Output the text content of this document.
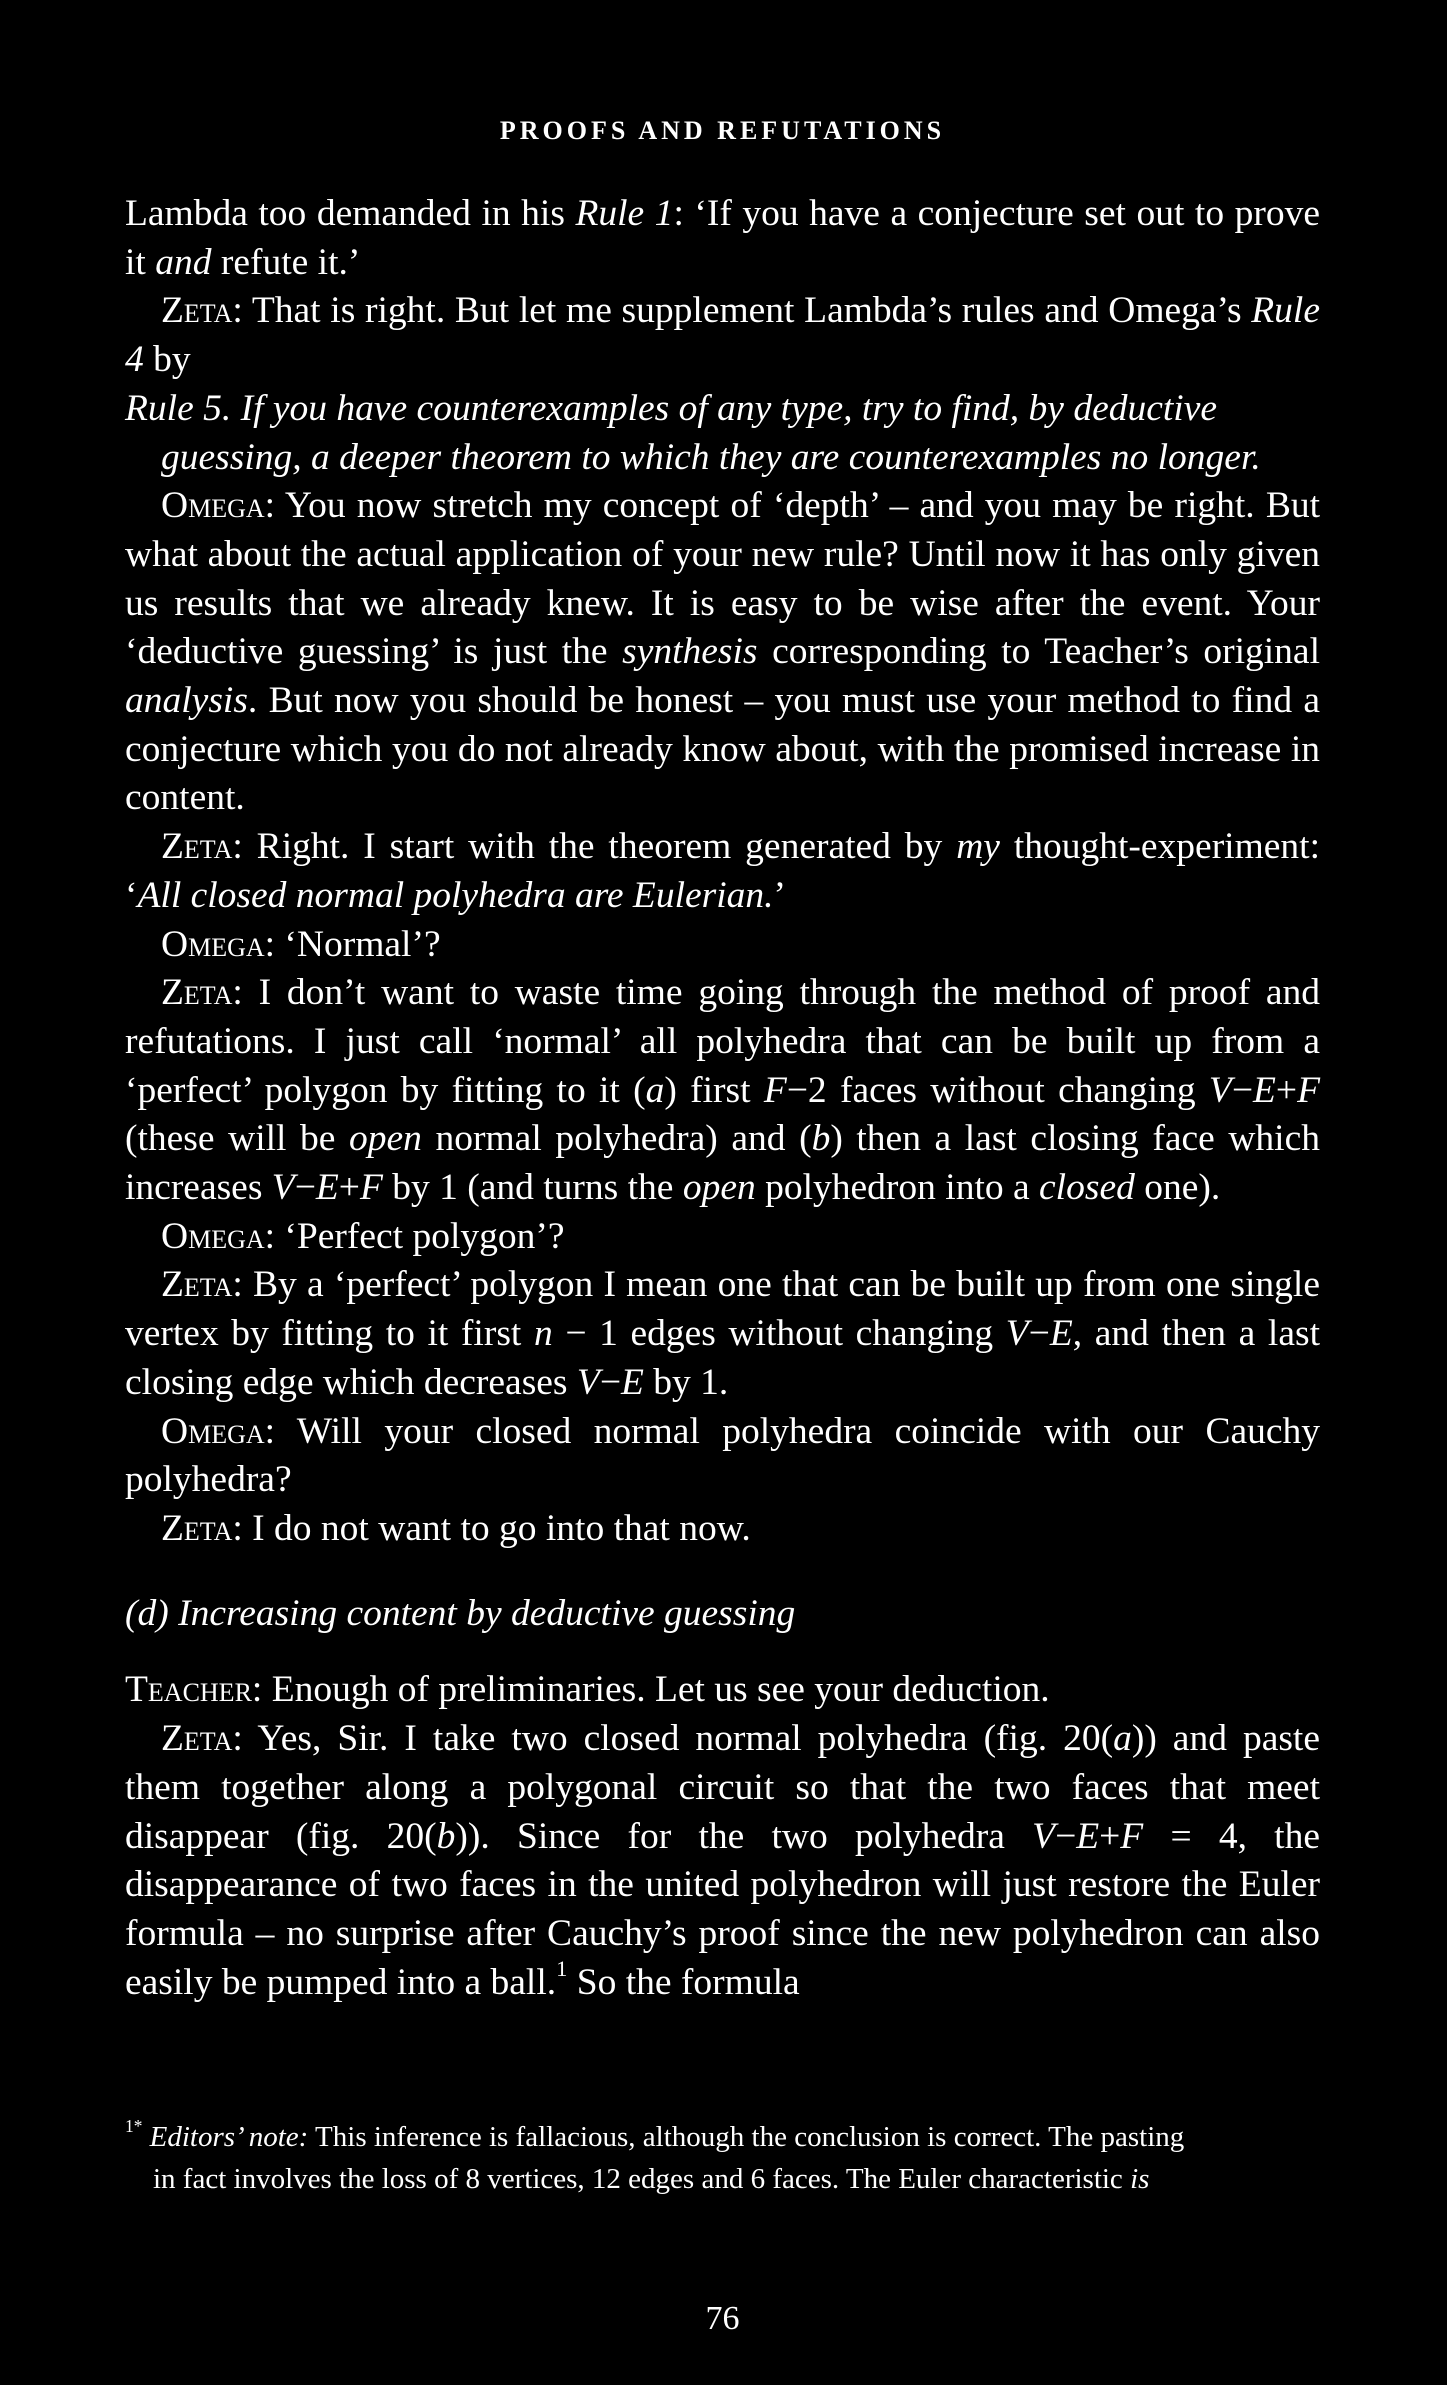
PROOFS AND REFUTATIONS

Lambda too demanded in his Rule 1: ‘If you have a conjecture set out to prove it and refute it.’

Zeta: That is right. But let me supplement Lambda’s rules and Omega’s Rule 4 by

Rule 5. If you have counterexamples of any type, try to find, by deductive
guessing, a deeper theorem to which they are counterexamples no longer.

Omega: You now stretch my concept of ‘depth’ – and you may be right. But what about the actual application of your new rule? Until now it has only given us results that we already knew. It is easy to be wise after the event. Your ‘deductive guessing’ is just the synthesis corresponding to Teacher’s original analysis. But now you should be honest – you must use your method to find a conjecture which you do not already know about, with the promised increase in content.

Zeta: Right. I start with the theorem generated by my thought-experiment: ‘All closed normal polyhedra are Eulerian.’

Omega: ‘Normal’?

Zeta: I don’t want to waste time going through the method of proof and refutations. I just call ‘normal’ all polyhedra that can be built up from a ‘perfect’ polygon by fitting to it (a) first F−2 faces without changing V−E+F (these will be open normal polyhedra) and (b) then a last closing face which increases V−E+F by 1 (and turns the open polyhedron into a closed one).

Omega: ‘Perfect polygon’?

Zeta: By a ‘perfect’ polygon I mean one that can be built up from one single vertex by fitting to it first n − 1 edges without changing V−E, and then a last closing edge which decreases V−E by 1.

Omega: Will your closed normal polyhedra coincide with our Cauchy polyhedra?

Zeta: I do not want to go into that now.

(d) Increasing content by deductive guessing

Teacher: Enough of preliminaries. Let us see your deduction.

Zeta: Yes, Sir. I take two closed normal polyhedra (fig. 20(a)) and paste them together along a polygonal circuit so that the two faces that meet disappear (fig. 20(b)). Since for the two polyhedra V−E+F = 4, the disappearance of two faces in the united polyhedron will just restore the Euler formula – no surprise after Cauchy’s proof since the new polyhedron can also easily be pumped into a ball.$^1$ So the formula

$^{1*}$ Editors’ note: This inference is fallacious, although the conclusion is correct. The pasting

in fact involves the loss of 8 vertices, 12 edges and 6 faces. The Euler characteristic is

76
